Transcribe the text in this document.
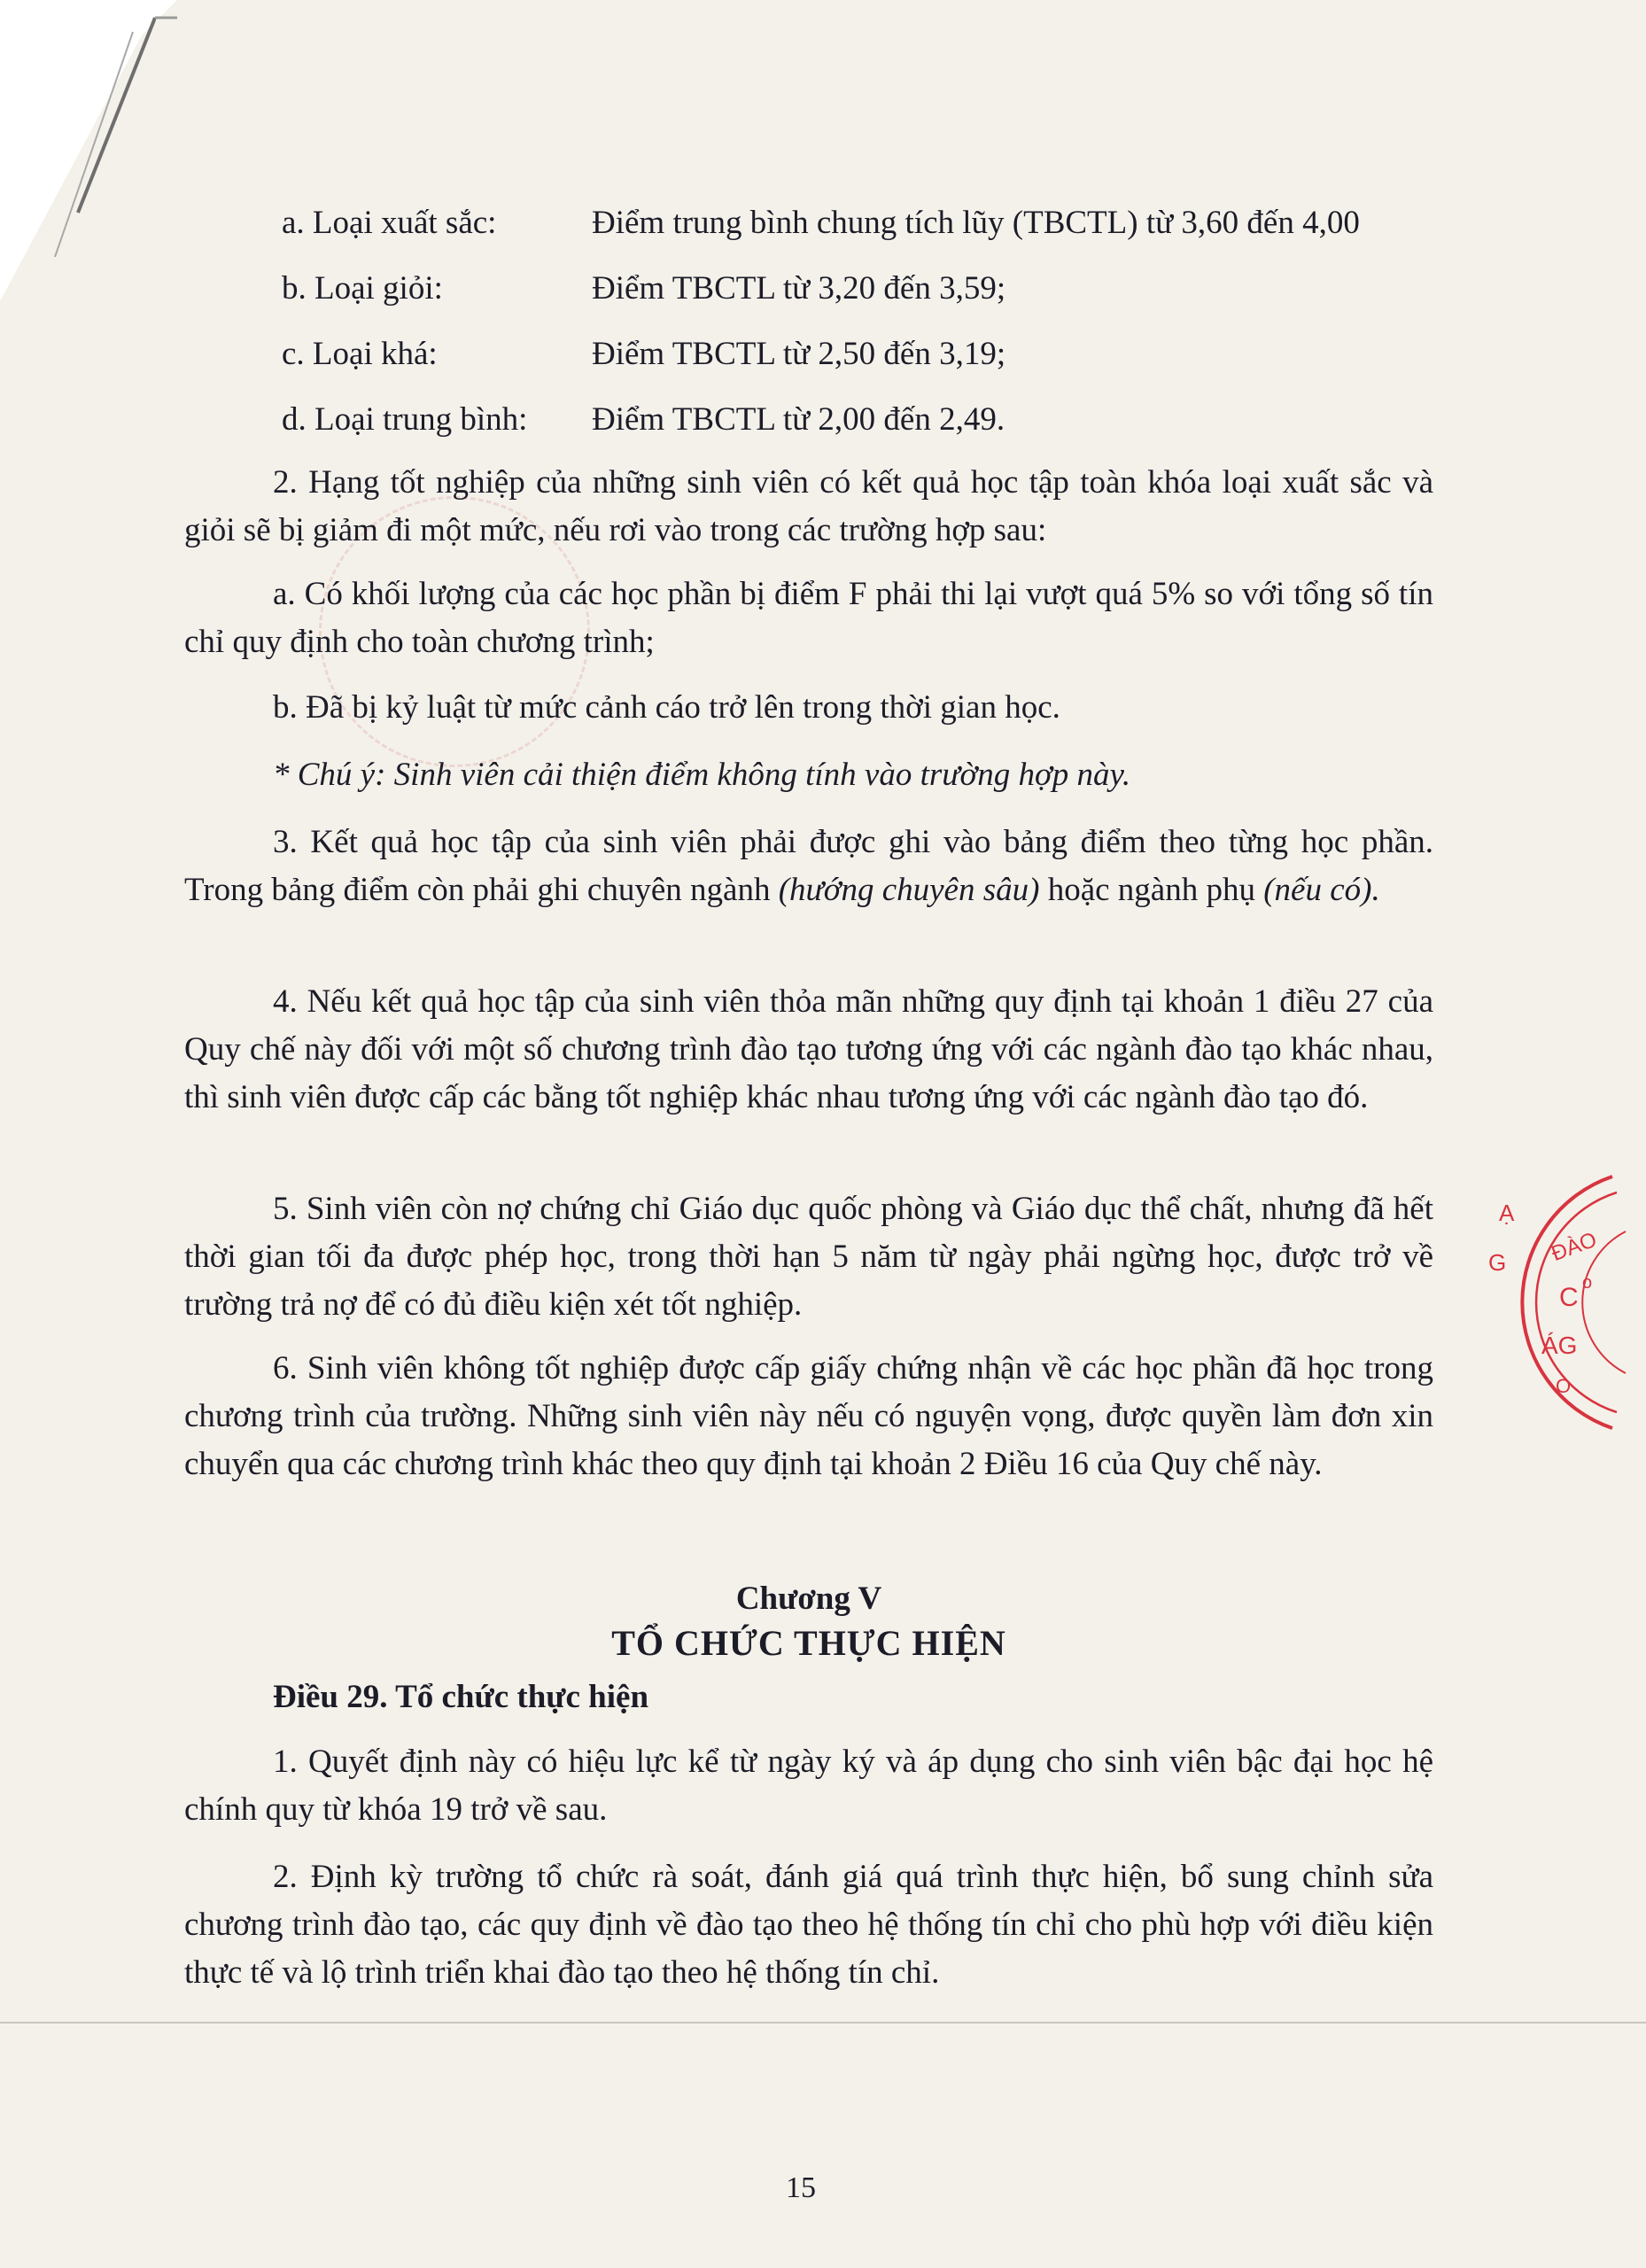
a. Loại xuất sắc:	Điểm trung bình chung tích lũy (TBCTL) từ 3,60 đến 4,00
b. Loại giỏi:	Điểm TBCTL từ 3,20 đến 3,59;
c. Loại khá:	Điểm TBCTL từ 2,50 đến 3,19;
d. Loại trung bình: Điểm TBCTL từ 2,00 đến 2,49.

2. Hạng tốt nghiệp của những sinh viên có kết quả học tập toàn khóa loại xuất sắc và giỏi sẽ bị giảm đi một mức, nếu rơi vào trong các trường hợp sau:

a. Có khối lượng của các học phần bị điểm F phải thi lại vượt quá 5% so với tổng số tín chỉ quy định cho toàn chương trình;

b. Đã bị kỷ luật từ mức cảnh cáo trở lên trong thời gian học.

* Chú ý: Sinh viên cải thiện điểm không tính vào trường hợp này.

3. Kết quả học tập của sinh viên phải được ghi vào bảng điểm theo từng học phần. Trong bảng điểm còn phải ghi chuyên ngành (hướng chuyên sâu) hoặc ngành phụ (nếu có).

4. Nếu kết quả học tập của sinh viên thỏa mãn những quy định tại khoản 1 điều 27 của Quy chế này đối với một số chương trình đào tạo tương ứng với các ngành đào tạo khác nhau, thì sinh viên được cấp các bằng tốt nghiệp khác nhau tương ứng với các ngành đào tạo đó.

5. Sinh viên còn nợ chứng chỉ Giáo dục quốc phòng và Giáo dục thể chất, nhưng đã hết thời gian tối đa được phép học, trong thời hạn 5 năm từ ngày phải ngừng học, được trở về trường trả nợ để có đủ điều kiện xét tốt nghiệp.

6. Sinh viên không tốt nghiệp được cấp giấy chứng nhận về các học phần đã học trong chương trình của trường. Những sinh viên này nếu có nguyện vọng, được quyền làm đơn xin chuyển qua các chương trình khác theo quy định tại khoản 2 Điều 16 của Quy chế này.

Chương V
TỔ CHỨC THỰC HIỆN
Điều 29. Tổ chức thực hiện

1. Quyết định này có hiệu lực kể từ ngày ký và áp dụng cho sinh viên bậc đại học hệ chính quy từ khóa 19 trở về sau.

2. Định kỳ trường tổ chức rà soát, đánh giá quá trình thực hiện, bổ sung chỉnh sửa chương trình đào tạo, các quy định về đào tạo theo hệ thống tín chỉ cho phù hợp với điều kiện thực tế và lộ trình triển khai đào tạo theo hệ thống tín chỉ.

15
Ạ
ĐÀO
G
C
ÁG
O
o
